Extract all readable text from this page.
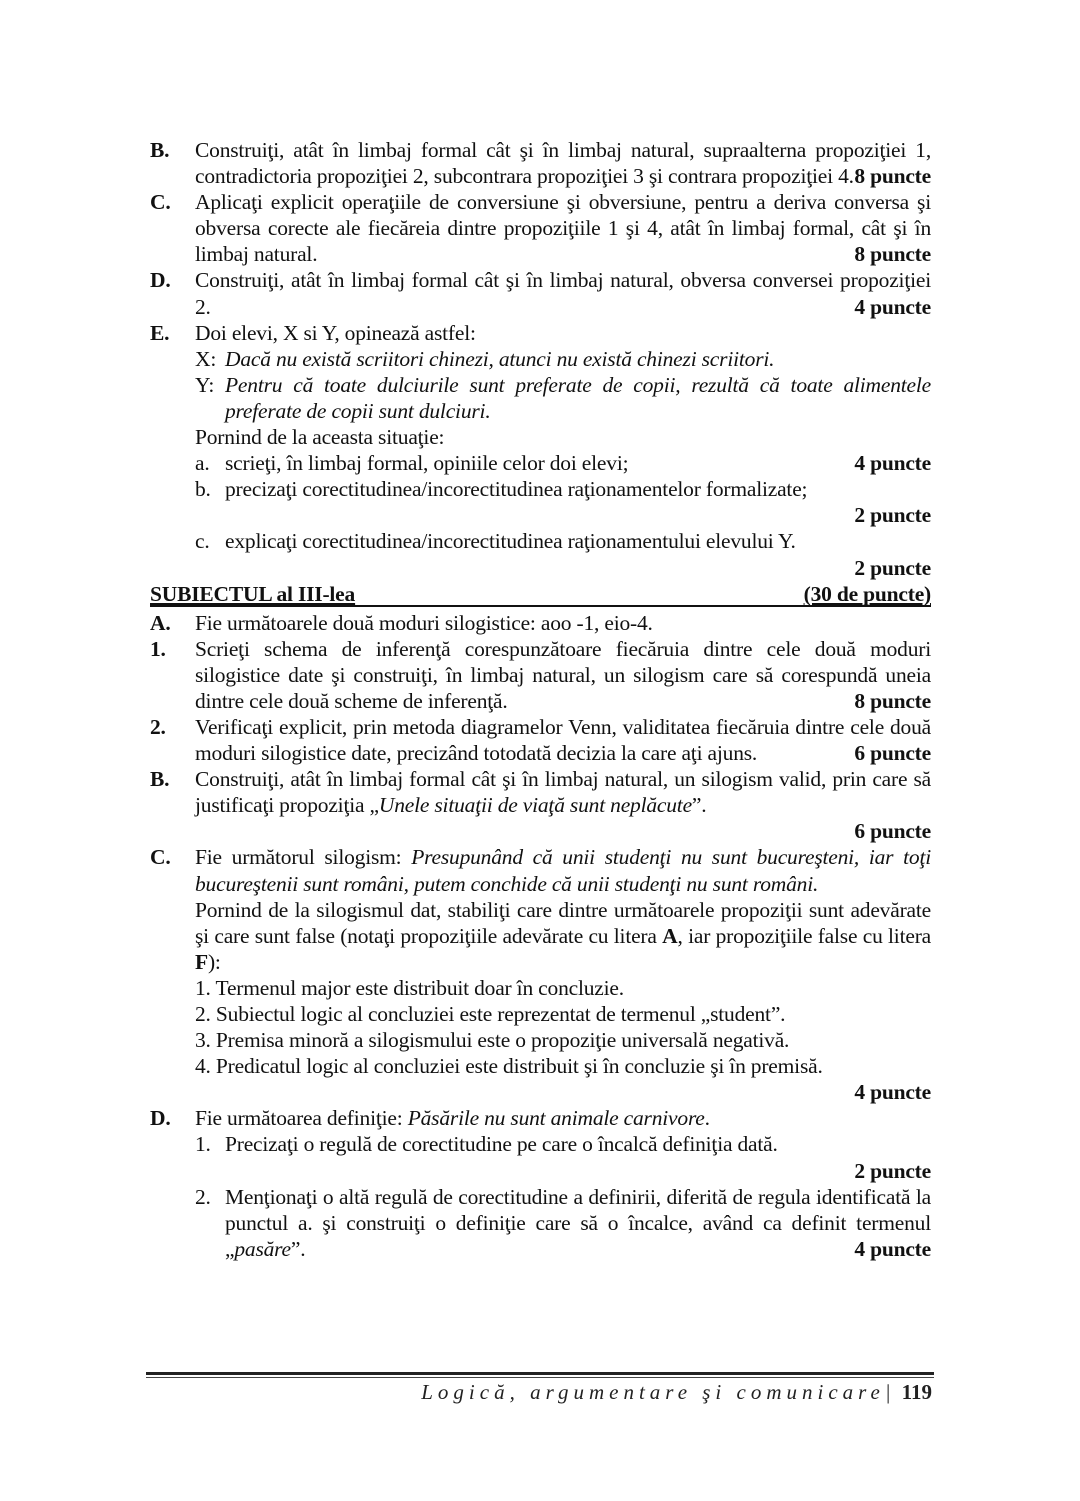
B. Construiţi, atât în limbaj formal cât şi în limbaj natural, supraalterna propoziţiei 1, contradictoria propoziţiei 2, subcontrara propoziţiei 3 şi contrara propoziţiei 4. 8 puncte
C. Aplicaţi explicit operaţiile de conversiune şi obversiune, pentru a deriva conversa şi obversa corecte ale fiecăreia dintre propoziţiile 1 şi 4, atât în limbaj formal, cât şi în limbaj natural.	8 puncte
D. Construiţi, atât în limbaj formal cât şi în limbaj natural, obversa conversei propoziţiei 2.	4 puncte
E. Doi elevi, X si Y, opinează astfel:
X: Dacă nu există scriitori chinezi, atunci nu există chinezi scriitori.
Y: Pentru că toate dulciurile sunt preferate de copii, rezultă că toate alimentele preferate de copii sunt dulciuri.
Pornind de la aceasta situaţie:
a. scrieţi, în limbaj formal, opiniile celor doi elevi;	4 puncte
b. precizaţi corectitudinea/incorectitudinea raţionamentelor formalizate;
2 puncte
c. explicaţi corectitudinea/incorectitudinea raţionamentului elevului Y.
2 puncte
SUBIECTUL al III-lea	(30 de puncte)
A. Fie următoarele două moduri silogistice: aoo -1, eio-4.
1. Scrieţi schema de inferenţă corespunzătoare fiecăruia dintre cele două moduri silogistice date şi construiţi, în limbaj natural, un silogism care să corespundă uneia dintre cele două scheme de inferenţă.	8 puncte
2. Verificaţi explicit, prin metoda diagramelor Venn, validitatea fiecăruia dintre cele două moduri silogistice date, precizând totodată decizia la care aţi ajuns.	6 puncte
B. Construiţi, atât în limbaj formal cât şi în limbaj natural, un silogism valid, prin care să justificaţi propoziţia „Unele situaţii de viaţă sunt neplăcute”.
6 puncte
C. Fie următorul silogism: Presupunând că unii studenţi nu sunt bucureşteni, iar toţi bucureştenii sunt români, putem conchide că unii studenţi nu sunt români.
Pornind de la silogismul dat, stabiliţi care dintre următoarele propoziţii sunt adevărate şi care sunt false (notaţi propoziţiile adevărate cu litera A, iar propoziţiile false cu litera F):
1. Termenul major este distribuit doar în concluzie.
2. Subiectul logic al concluziei este reprezentat de termenul „student”.
3. Premisa minoră a silogismului este o propoziţie universală negativă.
4. Predicatul logic al concluziei este distribuit şi în concluzie şi în premisă.
4 puncte
D. Fie următoarea definiţie: Păsările nu sunt animale carnivore.
1. Precizaţi o regulă de corectitudine pe care o încalcă definiţia dată.
2 puncte
2. Menţionaţi o altă regulă de corectitudine a definirii, diferită de regula identificată la punctul a. şi construiţi o definiţie care să o încalce, având ca definit termenul „pasăre”.	4 puncte
Logică, argumentare şi comunicare| 119
